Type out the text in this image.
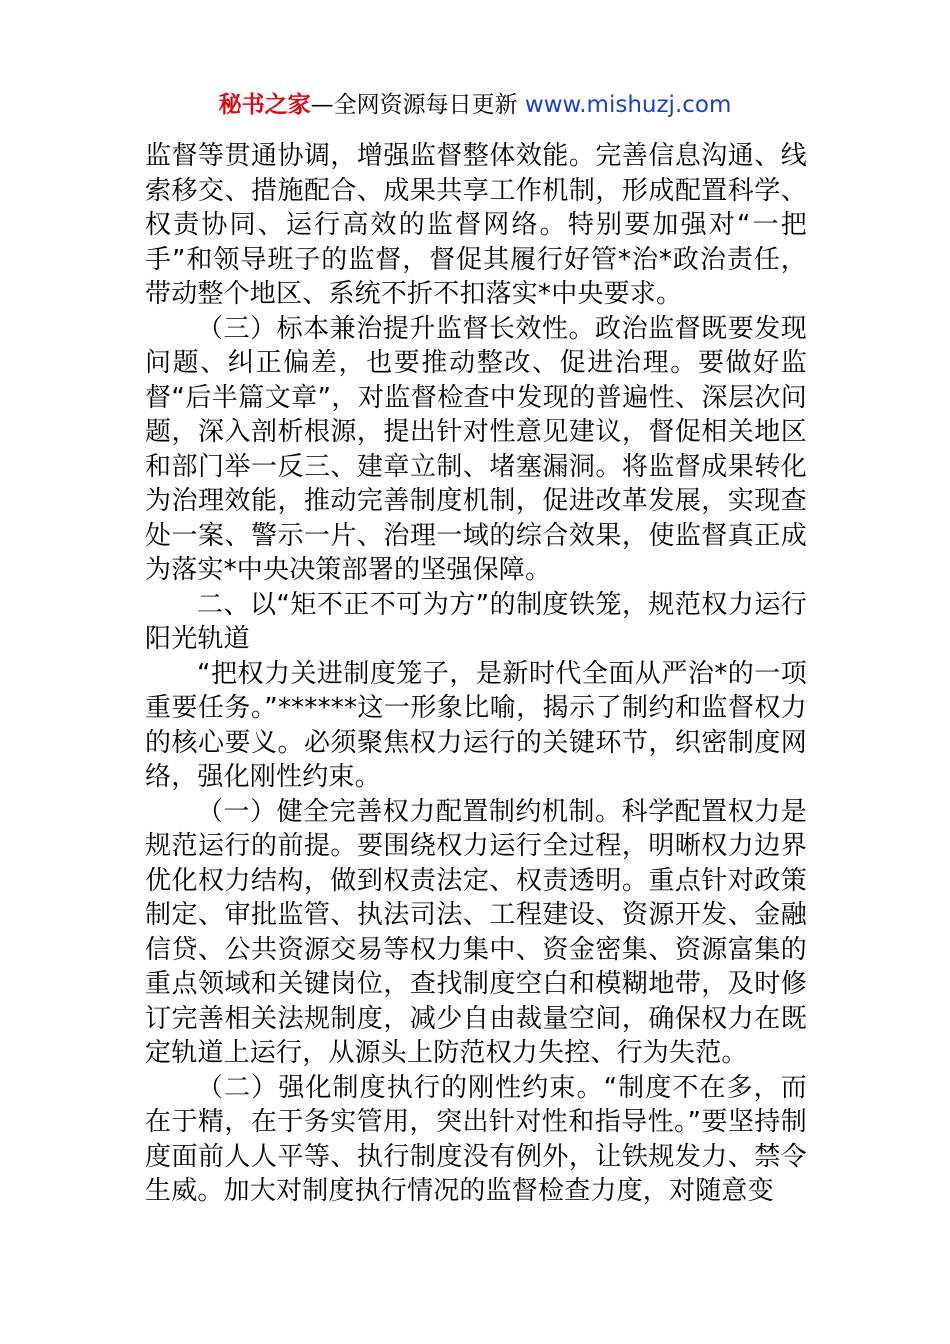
秘书之家—全网资源每日更新 www.mishuzj.com

监督等贯通协调，增强监督整体效能。完善信息沟通、线索移交、措施配合、成果共享工作机制，形成配置科学、权责协同、运行高效的监督网络。特别要加强对“一把手”和领导班子的监督，督促其履行好管*治*政治责任，带动整个地区、系统不折不扣落实*中央要求。

（三）标本兼治提升监督长效性。政治监督既要发现问题、纠正偏差，也要推动整改、促进治理。要做好监督“后半篇文章”，对监督检查中发现的普遍性、深层次问题，深入剖析根源，提出针对性意见建议，督促相关地区和部门举一反三、建章立制、堵塞漏洞。将监督成果转化为治理效能，推动完善制度机制，促进改革发展，实现查处一案、警示一片、治理一域的综合效果，使监督真正成为落实*中央决策部署的坚强保障。

二、以“矩不正不可为方”的制度铁笼，规范权力运行阳光轨道

“把权力关进制度笼子，是新时代全面从严治*的一项重要任务。”******这一形象比喻，揭示了制约和监督权力的核心要义。必须聚焦权力运行的关键环节，织密制度网络，强化刚性约束。

（一）健全完善权力配置制约机制。科学配置权力是规范运行的前提。要围绕权力运行全过程，明晰权力边界优化权力结构，做到权责法定、权责透明。重点针对政策制定、审批监管、执法司法、工程建设、资源开发、金融信贷、公共资源交易等权力集中、资金密集、资源富集的重点领域和关键岗位，查找制度空白和模糊地带，及时修订完善相关法规制度，减少自由裁量空间，确保权力在既定轨道上运行，从源头上防范权力失控、行为失范。

（二）强化制度执行的刚性约束。“制度不在多，而在于精，在于务实管用，突出针对性和指导性。”要坚持制度面前人人平等、执行制度没有例外，让铁规发力、禁令生威。加大对制度执行情况的监督检查力度，对随意变
